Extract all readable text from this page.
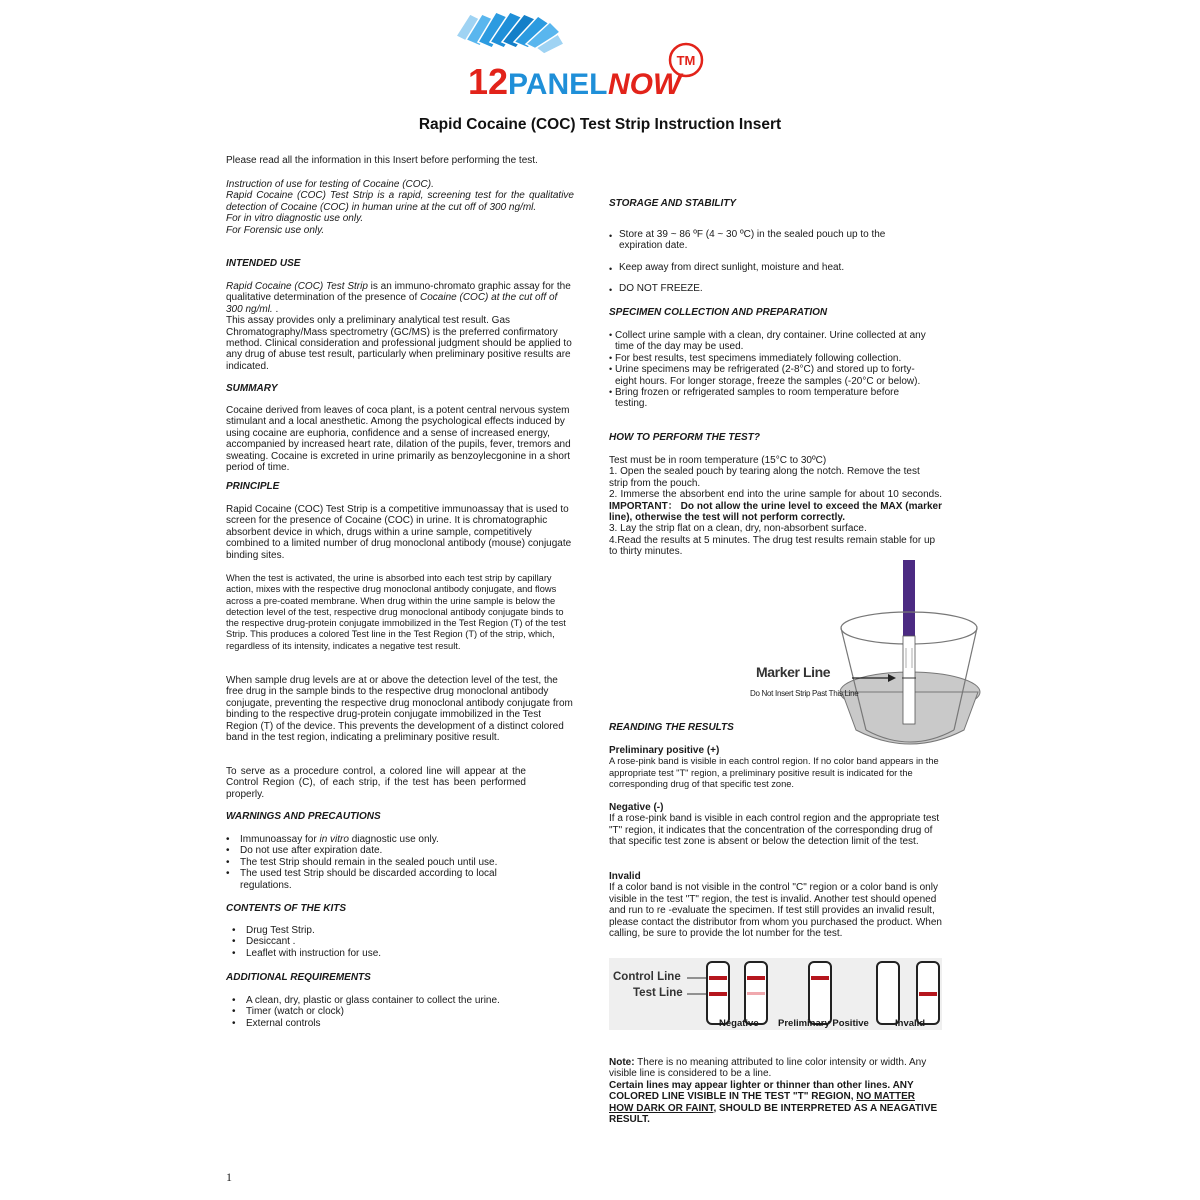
12 PANEL NOW
TM
Rapid Cocaine (COC) Test Strip Instruction Insert
Please read all the information in this Insert before performing the test.

Instruction of use for testing of Cocaine (COC).

Rapid Cocaine (COC) Test Strip is a rapid, screening test for the qualitative detection of Cocaine (COC) in human urine at the cut off of 300 ng/ml.

For in vitro diagnostic use only.

For Forensic use only.

INTENDED USE

Rapid Cocaine (COC) Test Strip is an immuno-chromato graphic assay for the qualitative determination of the presence of Cocaine (COC) at the cut off of 300 ng/ml. .

This assay provides only a preliminary analytical test result. Gas Chromatography/Mass spectrometry (GC/MS) is the preferred confirmatory method. Clinical consideration and professional judgment should be applied to any drug of abuse test result, particularly when preliminary positive results are indicated.

SUMMARY
Cocaine derived from leaves of coca plant, is a potent central nervous system stimulant and a local anesthetic. Among the psychological effects induced by using cocaine are euphoria, confidence and a sense of increased energy, accompanied by increased heart rate, dilation of the pupils, fever, tremors and sweating. Cocaine is excreted in urine primarily as benzoylecgonine in a short period of time.
PRINCIPLE
Rapid Cocaine (COC) Test Strip is a competitive immunoassay that is used to screen for the presence of Cocaine (COC) in urine. It is chromatographic absorbent device in which, drugs within a urine sample, competitively combined to a limited number of drug monoclonal antibody (mouse) conjugate binding sites.
When the test is activated, the urine is absorbed into each test strip by capillary action, mixes with the respective drug monoclonal antibody conjugate, and flows across a pre-coated membrane. When drug within the urine sample is below the detection level of the test, respective drug monoclonal antibody conjugate binds to the respective drug-protein conjugate immobilized in the Test Region (T) of the test Strip. This produces a colored Test line in the Test Region (T) of the strip, which, regardless of its intensity, indicates a negative test result.
When sample drug levels are at or above the detection level of the test, the free drug in the sample binds to the respective drug monoclonal antibody conjugate, preventing the respective drug monoclonal antibody conjugate from binding to the respective drug-protein conjugate immobilized in the Test Region (T) of the device. This prevents the development of a distinct colored band in the test region, indicating a preliminary positive result.
To serve as a procedure control, a colored line will appear at the Control Region (C), of each strip, if the test has been performed properly.
WARNINGS AND PRECAUTIONS
• Immunoassay for in vitro diagnostic use only.
• Do not use after expiration date.
• The test Strip should remain in the sealed pouch until use.
• The used test Strip should be discarded according to local regulations.
CONTENTS OF THE KITS
• Drug Test Strip.
• Desiccant .
• Leaflet with instruction for use.
ADDITIONAL REQUIREMENTS
• A clean, dry, plastic or glass container to collect the urine.
• Timer (watch or clock)
• External controls
STORAGE AND STABILITY
• Store at 39 ~ 86 ºF (4 ~ 30 ºC) in the sealed pouch up to the expiration date.
• Keep away from direct sunlight, moisture and heat.
• DO NOT FREEZE.
SPECIMEN COLLECTION AND PREPARATION
• Collect urine sample with a clean, dry container. Urine collected at any time of the day may be used.
• For best results, test specimens immediately following collection.
• Urine specimens may be refrigerated (2-8°C) and stored up to forty-eight hours. For longer storage, freeze the samples (-20°C or below).
• Bring frozen or refrigerated samples to room temperature before testing.
HOW TO PERFORM THE TEST?

Test must be in room temperature (15°C to 30ºC)

1. Open the sealed pouch by tearing along the notch. Remove the test strip from the pouch.

2. Immerse the absorbent end into the urine sample for about 10 seconds. IMPORTANT： Do not allow the urine level to exceed the MAX (marker line), otherwise the test will not perform correctly.

3. Lay the strip flat on a clean, dry, non-absorbent surface.

4.Read the results at 5 minutes. The drug test results remain stable for up to thirty minutes.

Marker Line
Do Not Insert Strip Past This Line
REANDING THE RESULTS

Preliminary positive (+)

A rose-pink band is visible in each control region. If no color band appears in the appropriate test "T" region, a preliminary positive result is indicated for the corresponding drug of that specific test zone.

Negative (-)

If a rose-pink band is visible in each control region and the appropriate test "T" region, it indicates that the concentration of the corresponding drug of that specific test zone is absent or below the detection limit of the test.

Invalid

If a color band is not visible in the control "C" region or a color band is only visible in the test "T" region, the test is invalid. Another test should opened and run to re -evaluate the specimen. If test still provides an invalid result, please contact the distributor from whom you purchased the product. When calling, be sure to provide the lot number for the test.

Control Line
Test Line
Negative Preliminary Positive	Invalid

Note: There is no meaning attributed to line color intensity or width. Any visible line is considered to be a line.

Certain lines may appear lighter or thinner than other lines. ANY COLORED LINE VISIBLE IN THE TEST "T" REGION, NO MATTER HOW DARK OR FAINT, SHOULD BE INTERPRETED AS A NEAGATIVE RESULT.

1
